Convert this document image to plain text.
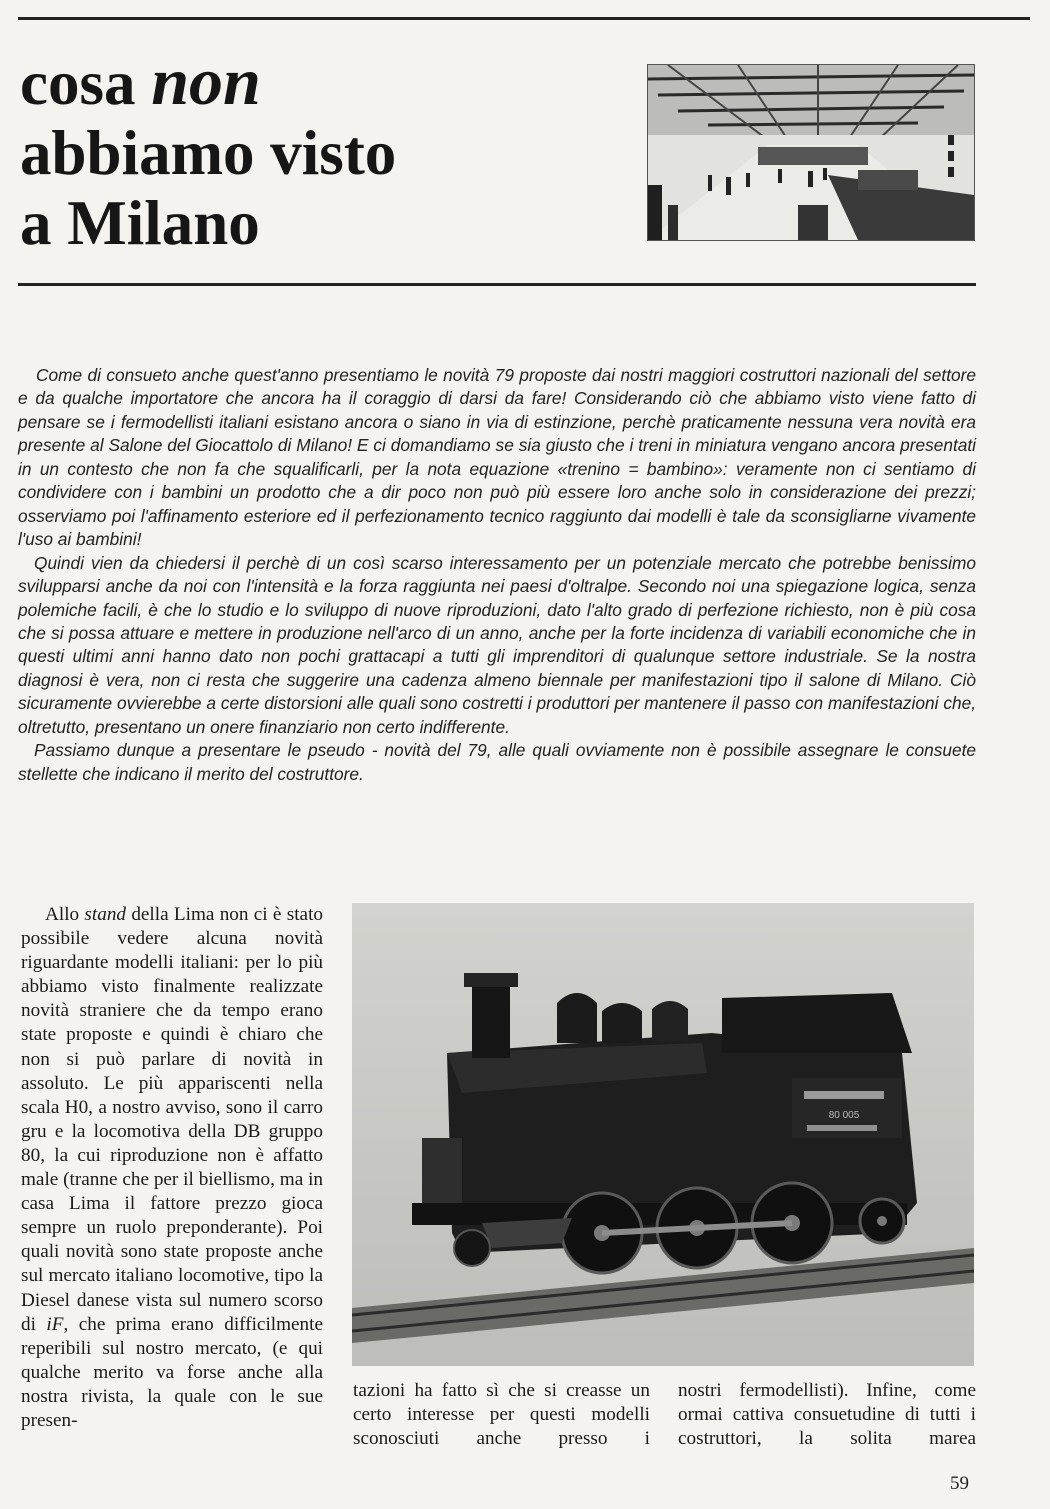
cosa non
abbiamo visto
a Milano

Come di consueto anche quest'anno presentiamo le novità 79 proposte dai nostri maggiori costruttori nazionali del settore e da qualche importatore che ancora ha il coraggio di darsi da fare! Considerando ciò che abbiamo visto viene fatto di pensare se i fermodellisti italiani esistano ancora o siano in via di estinzione, perchè praticamente nessuna vera novità era presente al Salone del Giocattolo di Milano! E ci domandiamo se sia giusto che i treni in miniatura vengano ancora presentati in un contesto che non fa che squalificarli, per la nota equazione «trenino = bambino»: veramente non ci sentiamo di condividere con i bambini un prodotto che a dir poco non può più essere loro anche solo in considerazione dei prezzi; osserviamo poi l'affinamento esteriore ed il perfezionamento tecnico raggiunto dai modelli è tale da sconsigliarne vivamente l'uso ai bambini!

Quindi vien da chiedersi il perchè di un così scarso interessamento per un potenziale mercato che potrebbe benissimo svilupparsi anche da noi con l'intensità e la forza raggiunta nei paesi d'oltralpe. Secondo noi una spiegazione logica, senza polemiche facili, è che lo studio e lo sviluppo di nuove riproduzioni, dato l'alto grado di perfezione richiesto, non è più cosa che si possa attuare e mettere in produzione nell'arco di un anno, anche per la forte incidenza di variabili economiche che in questi ultimi anni hanno dato non pochi grattacapi a tutti gli imprenditori di qualunque settore industriale. Se la nostra diagnosi è vera, non ci resta che suggerire una cadenza almeno biennale per manifestazioni tipo il salone di Milano. Ciò sicuramente ovvierebbe a certe distorsioni alle quali sono costretti i produttori per mantenere il passo con manifestazioni che, oltretutto, presentano un onere finanziario non certo indifferente.

Passiamo dunque a presentare le pseudo - novità del 79, alle quali ovviamente non è possibile assegnare le consuete stellette che indicano il merito del costruttore.

Allo stand della Lima non ci è stato possibile vedere alcuna novità riguardante modelli italiani: per lo più abbiamo visto finalmente realizzate novità straniere che da tempo erano state proposte e quindi è chiaro che non si può parlare di novità in assoluto. Le più appariscenti nella scala H0, a nostro avviso, sono il carro gru e la locomotiva della DB gruppo 80, la cui riproduzione non è affatto male (tranne che per il biellismo, ma in casa Lima il fattore prezzo gioca sempre un ruolo preponderante). Poi quali novità sono state proposte anche sul mercato italiano locomotive, tipo la Diesel danese vista sul numero scorso di iF, che prima erano difficilmente reperibili sul nostro mercato, (e qui qualche merito va forse anche alla nostra rivista, la quale con le sue presen-

80 005

tazioni ha fatto sì che si creasse un certo interesse per questi modelli sconosciuti anche presso i

nostri fermodellisti). Infine, come ormai cattiva consuetudine di tutti i costruttori, la solita marea

59
